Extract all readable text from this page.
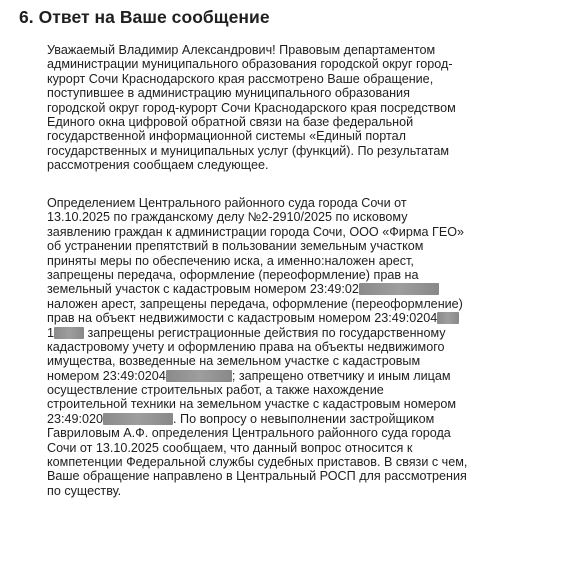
6. Ответ на Ваше сообщение
Уважаемый Владимир Александрович! Правовым департаментом
администрации муниципального образования городской округ город-
курорт Сочи Краснодарского края рассмотрено Ваше обращение,
поступившее в администрацию муниципального образования
городской округ город-курорт Сочи Краснодарского края посредством
Единого окна цифровой обратной связи на базе федеральной
государственной информационной системы «Единый портал
государственных и муниципальных услуг (функций). По результатам
рассмотрения сообщаем следующее.
Определением Центрального районного суда города Сочи от
13.10.2025 по гражданскому делу №2-2910/2025 по исковому
заявлению граждан к администрации города Сочи, ООО «Фирма ГЕО»
об устранении препятствий в пользовании земельным участком
приняты меры по обеспечению иска, а именно:наложен арест,
запрещены передача, оформление (переоформление) прав на
земельный участок с кадастровым номером 23:49:02
наложен арест, запрещены передача, оформление (переоформление)
прав на объект недвижимости с кадастровым номером 23:49:0204
1 запрещены регистрационные действия по государственному
кадастровому учету и оформлению права на объекты недвижимого
имущества, возведенные на земельном участке с кадастровым
номером 23:49:0204	; запрещено ответчику и иным лицам
осуществление строительных работ, а также нахождение
строительной техники на земельном участке с кадастровым номером
23:49:020	. По вопросу о невыполнении застройщиком
Гавриловым А.Ф. определения Центрального районного суда города
Сочи от 13.10.2025 сообщаем, что данный вопрос относится к
компетенции Федеральной службы судебных приставов. В связи с чем,
Ваше обращение направлено в Центральный РОСП для рассмотрения
по существу.
